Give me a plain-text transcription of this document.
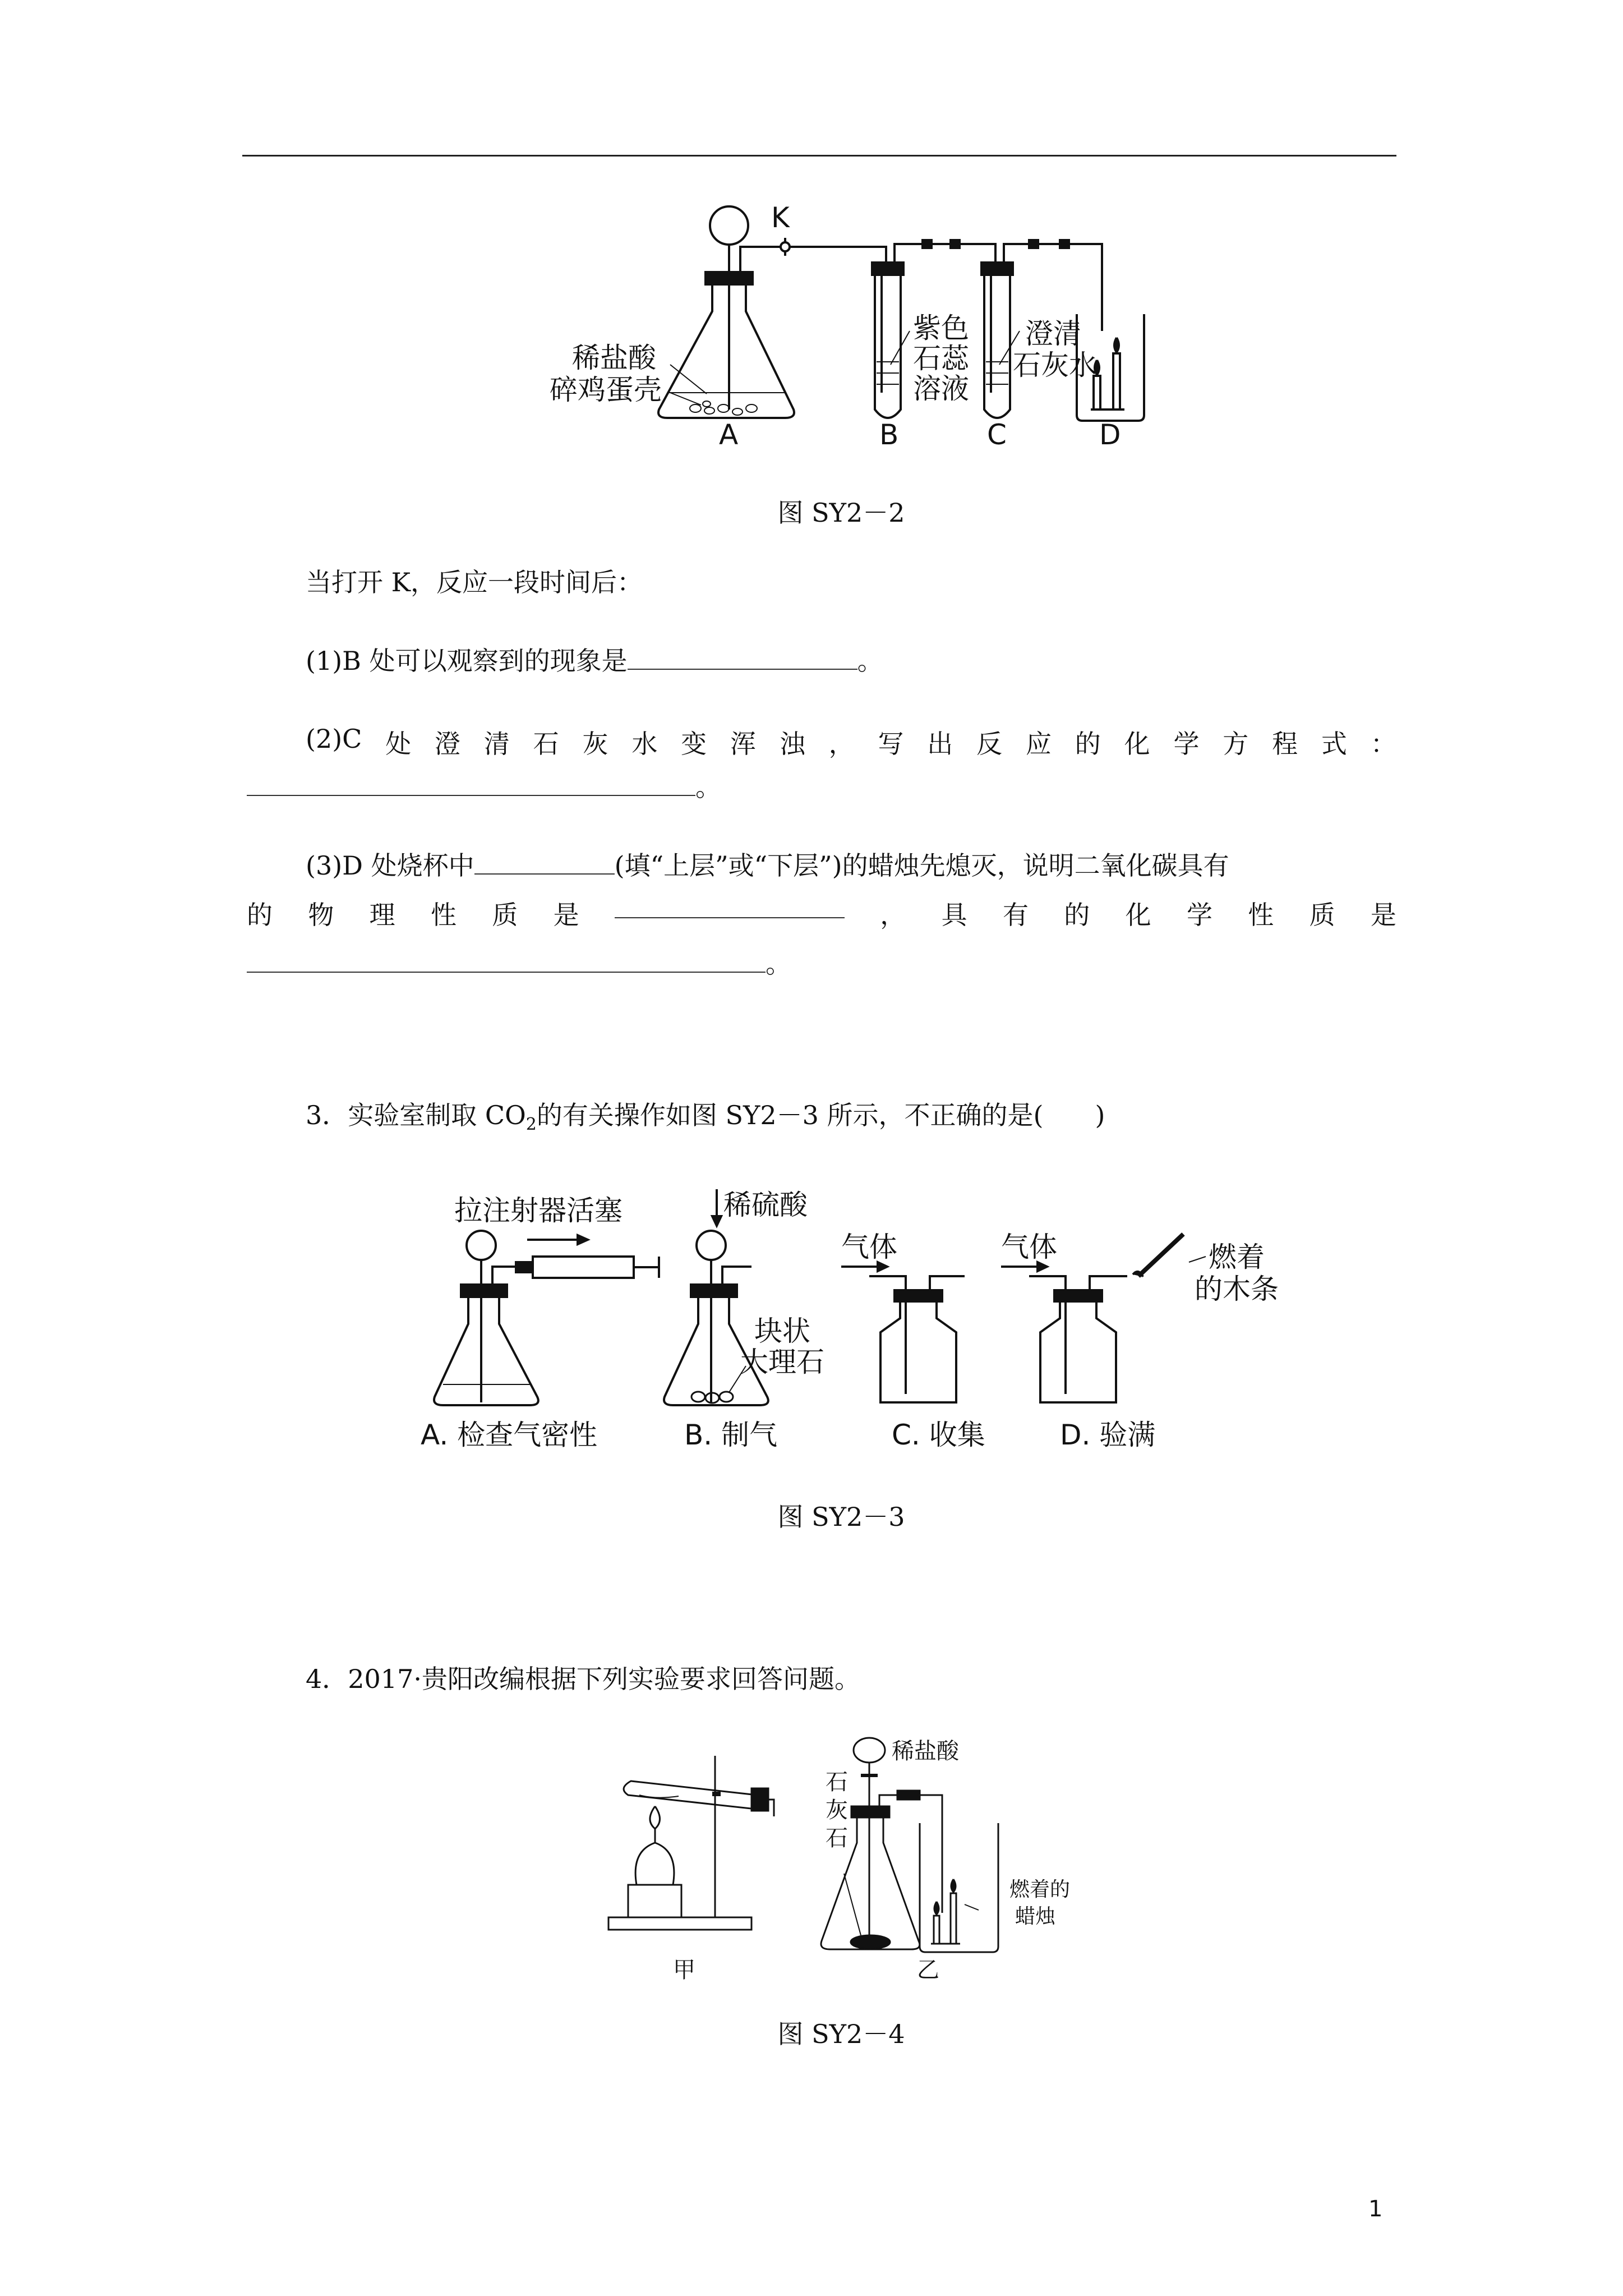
K
稀盐酸
碎鸡蛋壳
紫色
石蕊
溶液
澄清
石灰水
A	B	C	D
图 SY2－2
当打开 K，反应一段时间后：
(1)B 处可以观察到的现象是	。
(2)C 处 澄 清 石 灰 水 变 浑 浊 ， 写 出 反 应 的 化 学 方 程 式 ：
。
(3)D 处烧杯中	(填“上层”或“下层”)的蜡烛先熄灭，说明二氧化碳具有
的 物 理 性 质 是	， 具 有 的 化 学 性 质 是
。
3．实验室制取 $CO_2$的有关操作如图 SY2－3 所示，不正确的是(　　)
拉注射器活塞	稀硫酸
气体	气体	燃着
的木条
块状
大理石
A. 检查气密性	B. 制气	C. 收集	D. 验满
图 SY2－3
4．2017·贵阳改编根据下列实验要求回答问题。
稀盐酸
石
灰
石
燃着的
蜡烛
甲	乙
图 SY2－4
1
